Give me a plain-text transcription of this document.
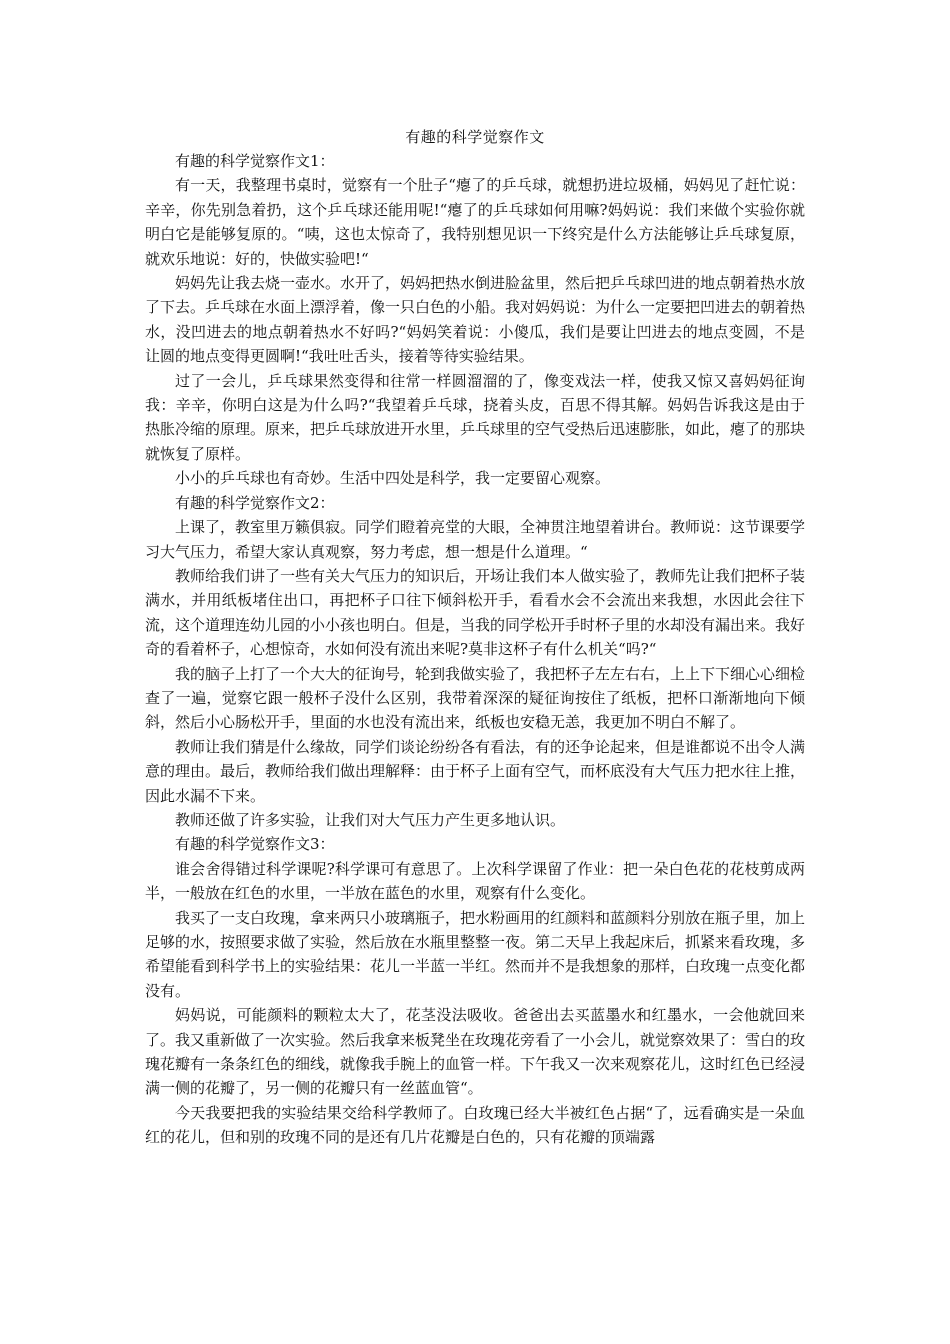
有趣的科学觉察作文

有趣的科学觉察作文1：

有一天，我整理书桌时，觉察有一个肚子“瘪了的乒乓球，就想扔进垃圾桶，妈妈见了赶忙说：辛辛，你先别急着扔，这个乒乓球还能用呢!“瘪了的乒乓球如何用嘛?妈妈说：我们来做个实验你就明白它是能够复原的。“咦，这也太惊奇了，我特别想见识一下终究是什么方法能够让乒乓球复原，就欢乐地说：好的，快做实验吧!“

妈妈先让我去烧一壶水。水开了，妈妈把热水倒进脸盆里，然后把乒乓球凹进的地点朝着热水放了下去。乒乓球在水面上漂浮着，像一只白色的小船。我对妈妈说：为什么一定要把凹进去的朝着热水，没凹进去的地点朝着热水不好吗?“妈妈笑着说：小傻瓜，我们是要让凹进去的地点变圆，不是让圆的地点变得更圆啊!“我吐吐舌头，接着等待实验结果。

过了一会儿，乒乓球果然变得和往常一样圆溜溜的了，像变戏法一样，使我又惊又喜妈妈征询我：辛辛，你明白这是为什么吗?“我望着乒乓球，挠着头皮，百思不得其解。妈妈告诉我这是由于热胀冷缩的原理。原来，把乒乓球放进开水里，乒乓球里的空气受热后迅速膨胀，如此，瘪了的那块就恢复了原样。

小小的乒乓球也有奇妙。生活中四处是科学，我一定要留心观察。

有趣的科学觉察作文2：

上课了，教室里万籁俱寂。同学们瞪着亮堂的大眼，全神贯注地望着讲台。教师说：这节课要学习大气压力，希望大家认真观察，努力考虑，想一想是什么道理。“

教师给我们讲了一些有关大气压力的知识后，开场让我们本人做实验了，教师先让我们把杯子装满水，并用纸板堵住出口，再把杯子口往下倾斜松开手，看看水会不会流出来我想，水因此会往下流，这个道理连幼儿园的小小孩也明白。但是，当我的同学松开手时杯子里的水却没有漏出来。我好奇的看着杯子，心想惊奇，水如何没有流出来呢?莫非这杯子有什么机关“吗?“

我的脑子上打了一个大大的征询号，轮到我做实验了，我把杯子左左右右，上上下下细心心细检查了一遍，觉察它跟一般杯子没什么区别，我带着深深的疑征询按住了纸板，把杯口渐渐地向下倾斜，然后小心肠松开手，里面的水也没有流出来，纸板也安稳无恙，我更加不明白不解了。

教师让我们猜是什么缘故，同学们谈论纷纷各有看法，有的还争论起来，但是谁都说不出令人满意的理由。最后，教师给我们做出理解释：由于杯子上面有空气，而杯底没有大气压力把水往上推，因此水漏不下来。

教师还做了许多实验，让我们对大气压力产生更多地认识。

有趣的科学觉察作文3：

谁会舍得错过科学课呢?科学课可有意思了。上次科学课留了作业：把一朵白色花的花枝剪成两半，一般放在红色的水里，一半放在蓝色的水里，观察有什么变化。

我买了一支白玫瑰，拿来两只小玻璃瓶子，把水粉画用的红颜料和蓝颜料分别放在瓶子里，加上足够的水，按照要求做了实验，然后放在水瓶里整整一夜。第二天早上我起床后，抓紧来看玫瑰，多希望能看到科学书上的实验结果：花儿一半蓝一半红。然而并不是我想象的那样，白玫瑰一点变化都没有。

妈妈说，可能颜料的颗粒太大了，花茎没法吸收。爸爸出去买蓝墨水和红墨水，一会他就回来了。我又重新做了一次实验。然后我拿来板凳坐在玫瑰花旁看了一小会儿，就觉察效果了：雪白的玫瑰花瓣有一条条红色的细线，就像我手腕上的血管一样。下午我又一次来观察花儿，这时红色已经浸满一侧的花瓣了，另一侧的花瓣只有一丝蓝血管“。

今天我要把我的实验结果交给科学教师了。白玫瑰已经大半被红色占据“了，远看确实是一朵血红的花儿，但和别的玫瑰不同的是还有几片花瓣是白色的，只有花瓣的顶端露
